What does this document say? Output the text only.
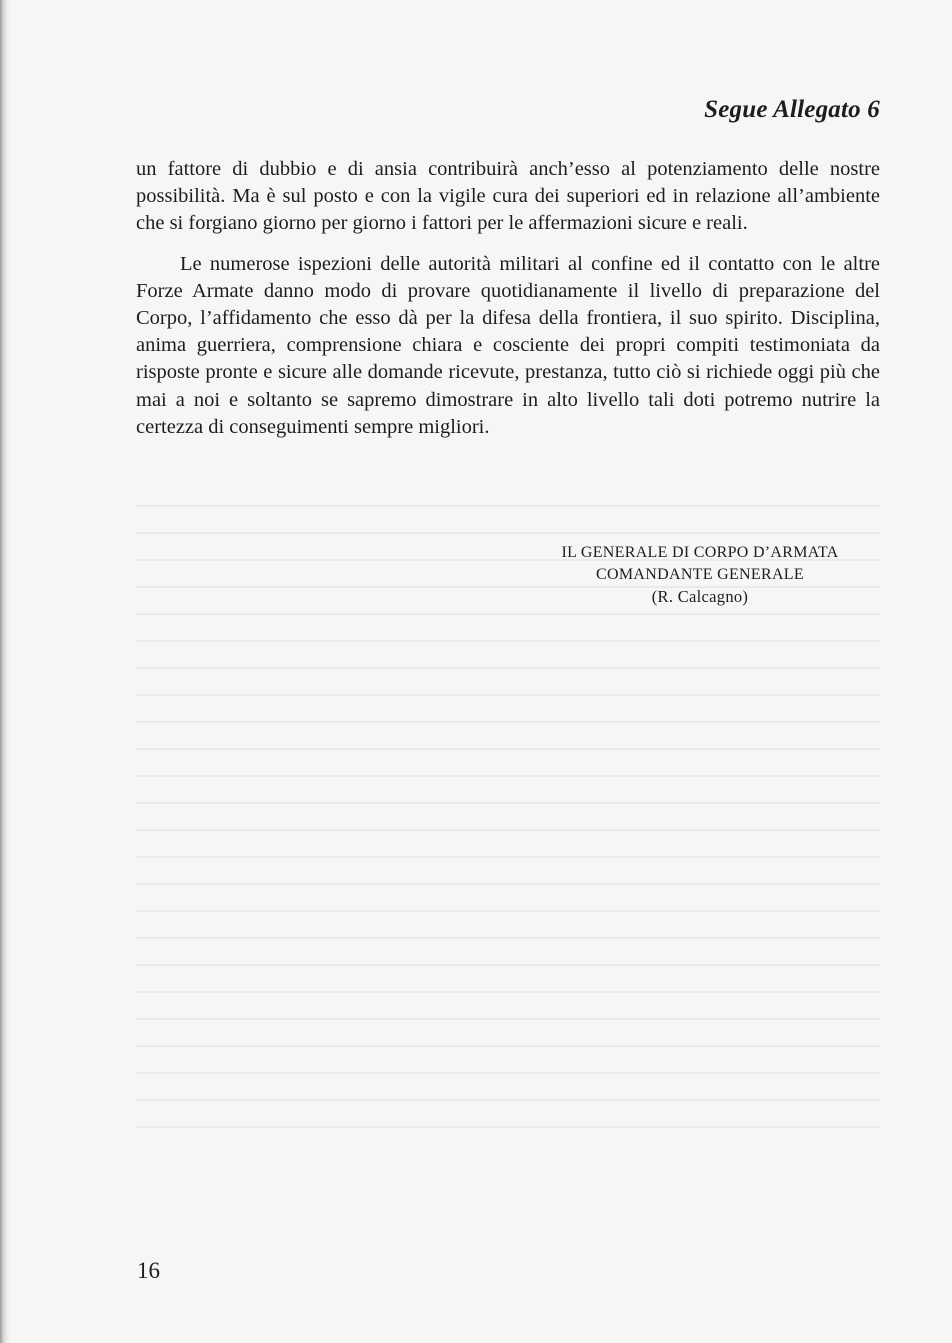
Segue Allegato 6

un fattore di dubbio e di ansia contribuirà anch’esso al potenziamento delle nostre possibilità. Ma è sul posto e con la vigile cura dei superiori ed in relazione all’ambiente che si forgiano giorno per giorno i fattori per le affermazioni sicure e reali.

Le numerose ispezioni delle autorità militari al confine ed il contatto con le altre Forze Armate danno modo di provare quotidianamente il livello di preparazione del Corpo, l’affidamento che esso dà per la difesa della frontiera, il suo spirito. Disciplina, anima guerriera, comprensione chiara e cosciente dei propri compiti testimoniata da risposte pronte e sicure alle domande ricevute, prestanza, tutto ciò si richiede oggi più che mai a noi e soltanto se sapremo dimostrare in alto livello tali doti potremo nutrire la certezza di conseguimenti sempre migliori.

IL GENERALE DI CORPO D’ARMATA
COMANDANTE GENERALE
(R. Calcagno)

16
